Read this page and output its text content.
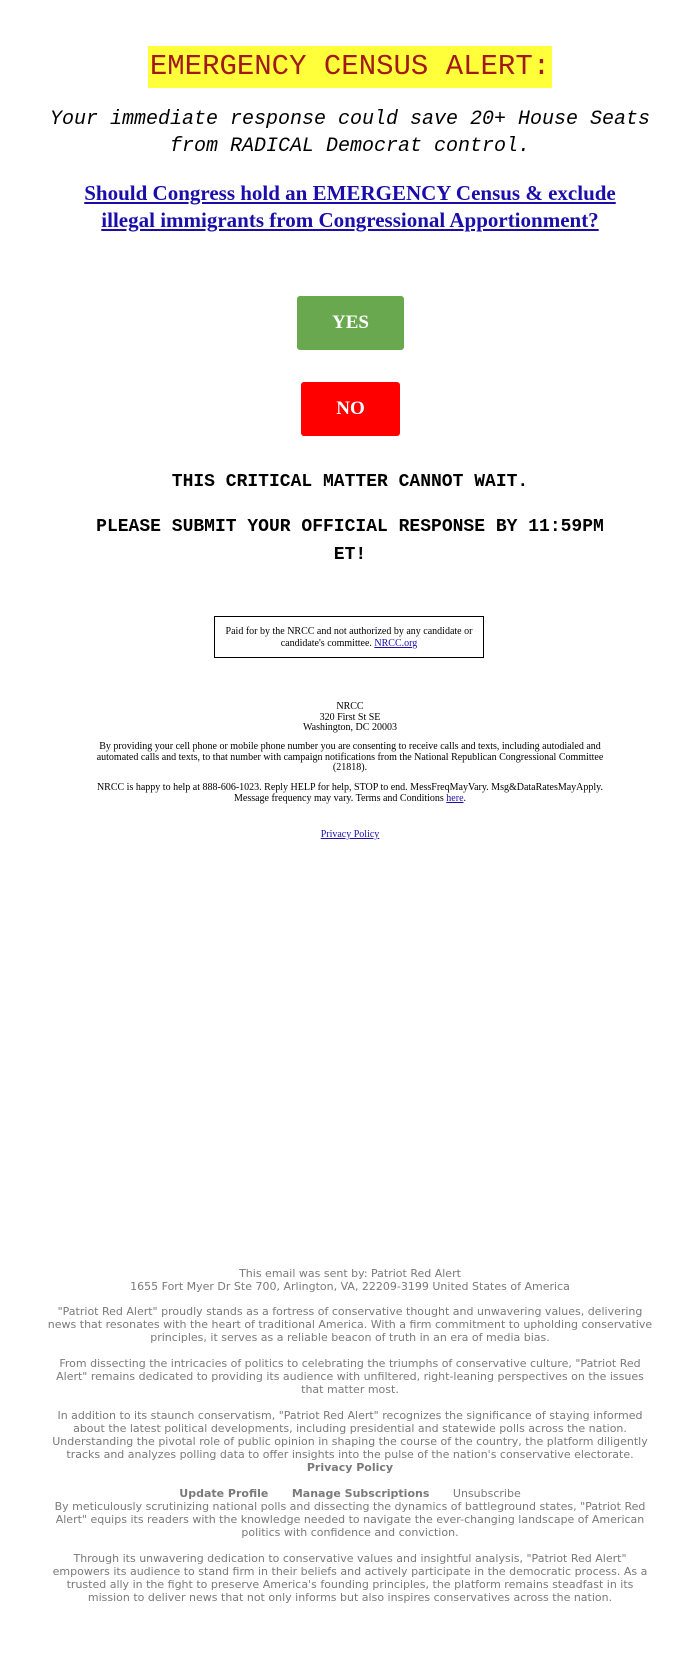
EMERGENCY CENSUS ALERT:
Your immediate response could save 20+ House Seats from RADICAL Democrat control.
Should Congress hold an EMERGENCY Census & exclude illegal immigrants from Congressional Apportionment?
YES
NO
THIS CRITICAL MATTER CANNOT WAIT.
PLEASE SUBMIT YOUR OFFICIAL RESPONSE BY 11:59PM ET!
Paid for by the NRCC and not authorized by any candidate or candidate's committee. NRCC.org
NRCC
320 First St SE
Washington, DC 20003
By providing your cell phone or mobile phone number you are consenting to receive calls and texts, including autodialed and automated calls and texts, to that number with campaign notifications from the National Republican Congressional Committee (21818).
NRCC is happy to help at 888-606-1023. Reply HELP for help, STOP to end. MessFreqMayVary. Msg&DataRatesMayApply. Message frequency may vary. Terms and Conditions here.
Privacy Policy
This email was sent by: Patriot Red Alert
1655 Fort Myer Dr Ste 700, Arlington, VA, 22209-3199 United States of America
"Patriot Red Alert" proudly stands as a fortress of conservative thought and unwavering values, delivering news that resonates with the heart of traditional America. With a firm commitment to upholding conservative principles, it serves as a reliable beacon of truth in an era of media bias.
From dissecting the intricacies of politics to celebrating the triumphs of conservative culture, "Patriot Red Alert" remains dedicated to providing its audience with unfiltered, right-leaning perspectives on the issues that matter most.
In addition to its staunch conservatism, "Patriot Red Alert" recognizes the significance of staying informed about the latest political developments, including presidential and statewide polls across the nation. Understanding the pivotal role of public opinion in shaping the course of the country, the platform diligently tracks and analyzes polling data to offer insights into the pulse of the nation's conservative electorate.
Privacy Policy
Update Profile Manage Subscriptions Unsubscribe
By meticulously scrutinizing national polls and dissecting the dynamics of battleground states, "Patriot Red Alert" equips its readers with the knowledge needed to navigate the ever-changing landscape of American politics with confidence and conviction.
Through its unwavering dedication to conservative values and insightful analysis, "Patriot Red Alert" empowers its audience to stand firm in their beliefs and actively participate in the democratic process. As a trusted ally in the fight to preserve America's founding principles, the platform remains steadfast in its mission to deliver news that not only informs but also inspires conservatives across the nation.
